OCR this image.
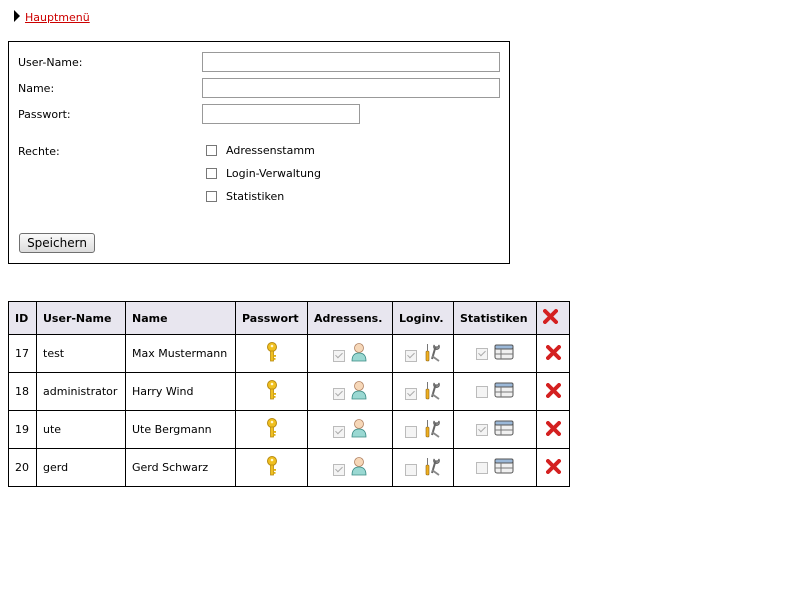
Hauptmenü
User-Name:
Name:
Passwort:
Rechte:	Adressenstamm
Login-Verwaltung
Statistiken
Speichern
ID	User-Name	Name	Passwort	Adressens.	Loginv.	Statistiken	

17	test	Max Mustermann	

18	administrator	Harry Wind	

19	ute	Ute Bergmann	

20	gerd	Gerd Schwarz	
